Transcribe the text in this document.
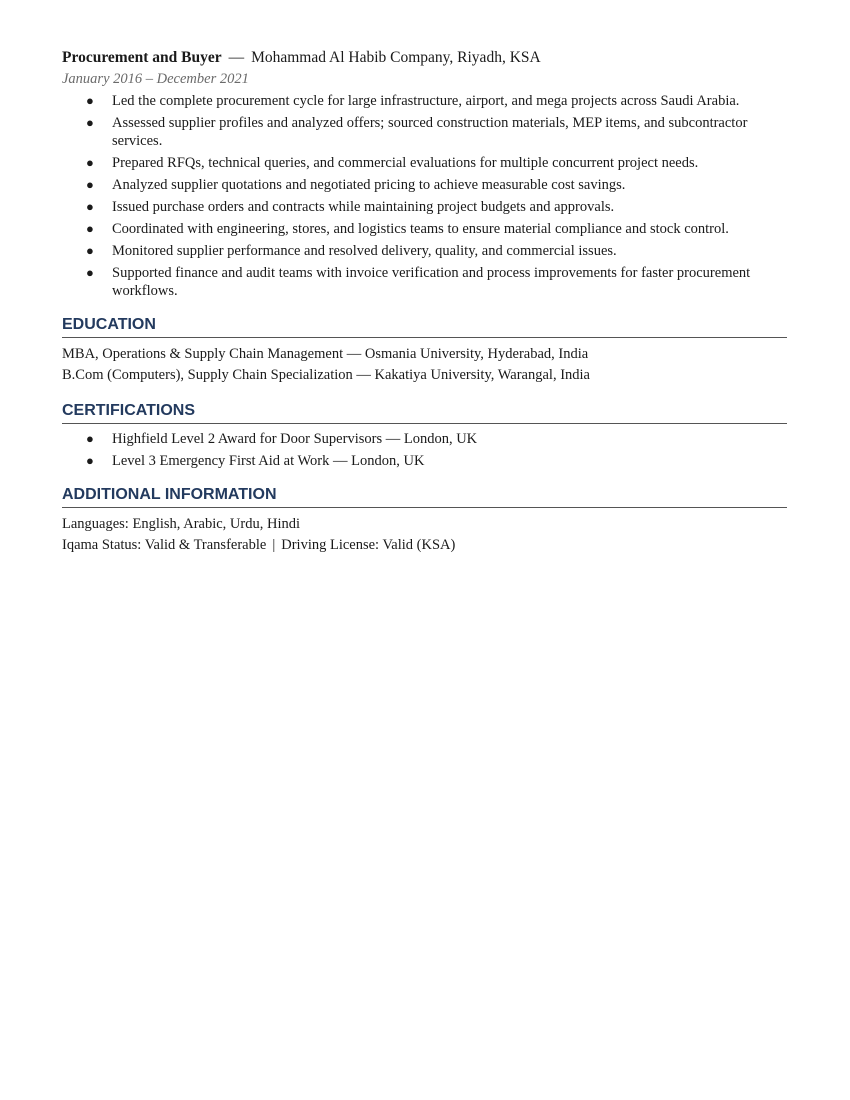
Procurement and Buyer — Mohammad Al Habib Company, Riyadh, KSA
January 2016 – December 2021
● Led the complete procurement cycle for large infrastructure, airport, and mega projects across Saudi Arabia.
● Assessed supplier profiles and analyzed offers; sourced construction materials, MEP items, and subcontractor services.
● Prepared RFQs, technical queries, and commercial evaluations for multiple concurrent project needs.
● Analyzed supplier quotations and negotiated pricing to achieve measurable cost savings.
● Issued purchase orders and contracts while maintaining project budgets and approvals.
● Coordinated with engineering, stores, and logistics teams to ensure material compliance and stock control.
● Monitored supplier performance and resolved delivery, quality, and commercial issues.
● Supported finance and audit teams with invoice verification and process improvements for faster procurement workflows.
EDUCATION
MBA, Operations & Supply Chain Management — Osmania University, Hyderabad, India
B.Com (Computers), Supply Chain Specialization — Kakatiya University, Warangal, India
CERTIFICATIONS
● Highfield Level 2 Award for Door Supervisors — London, UK
● Level 3 Emergency First Aid at Work — London, UK
ADDITIONAL INFORMATION
Languages: English, Arabic, Urdu, Hindi
Iqama Status: Valid & Transferable | Driving License: Valid (KSA)
